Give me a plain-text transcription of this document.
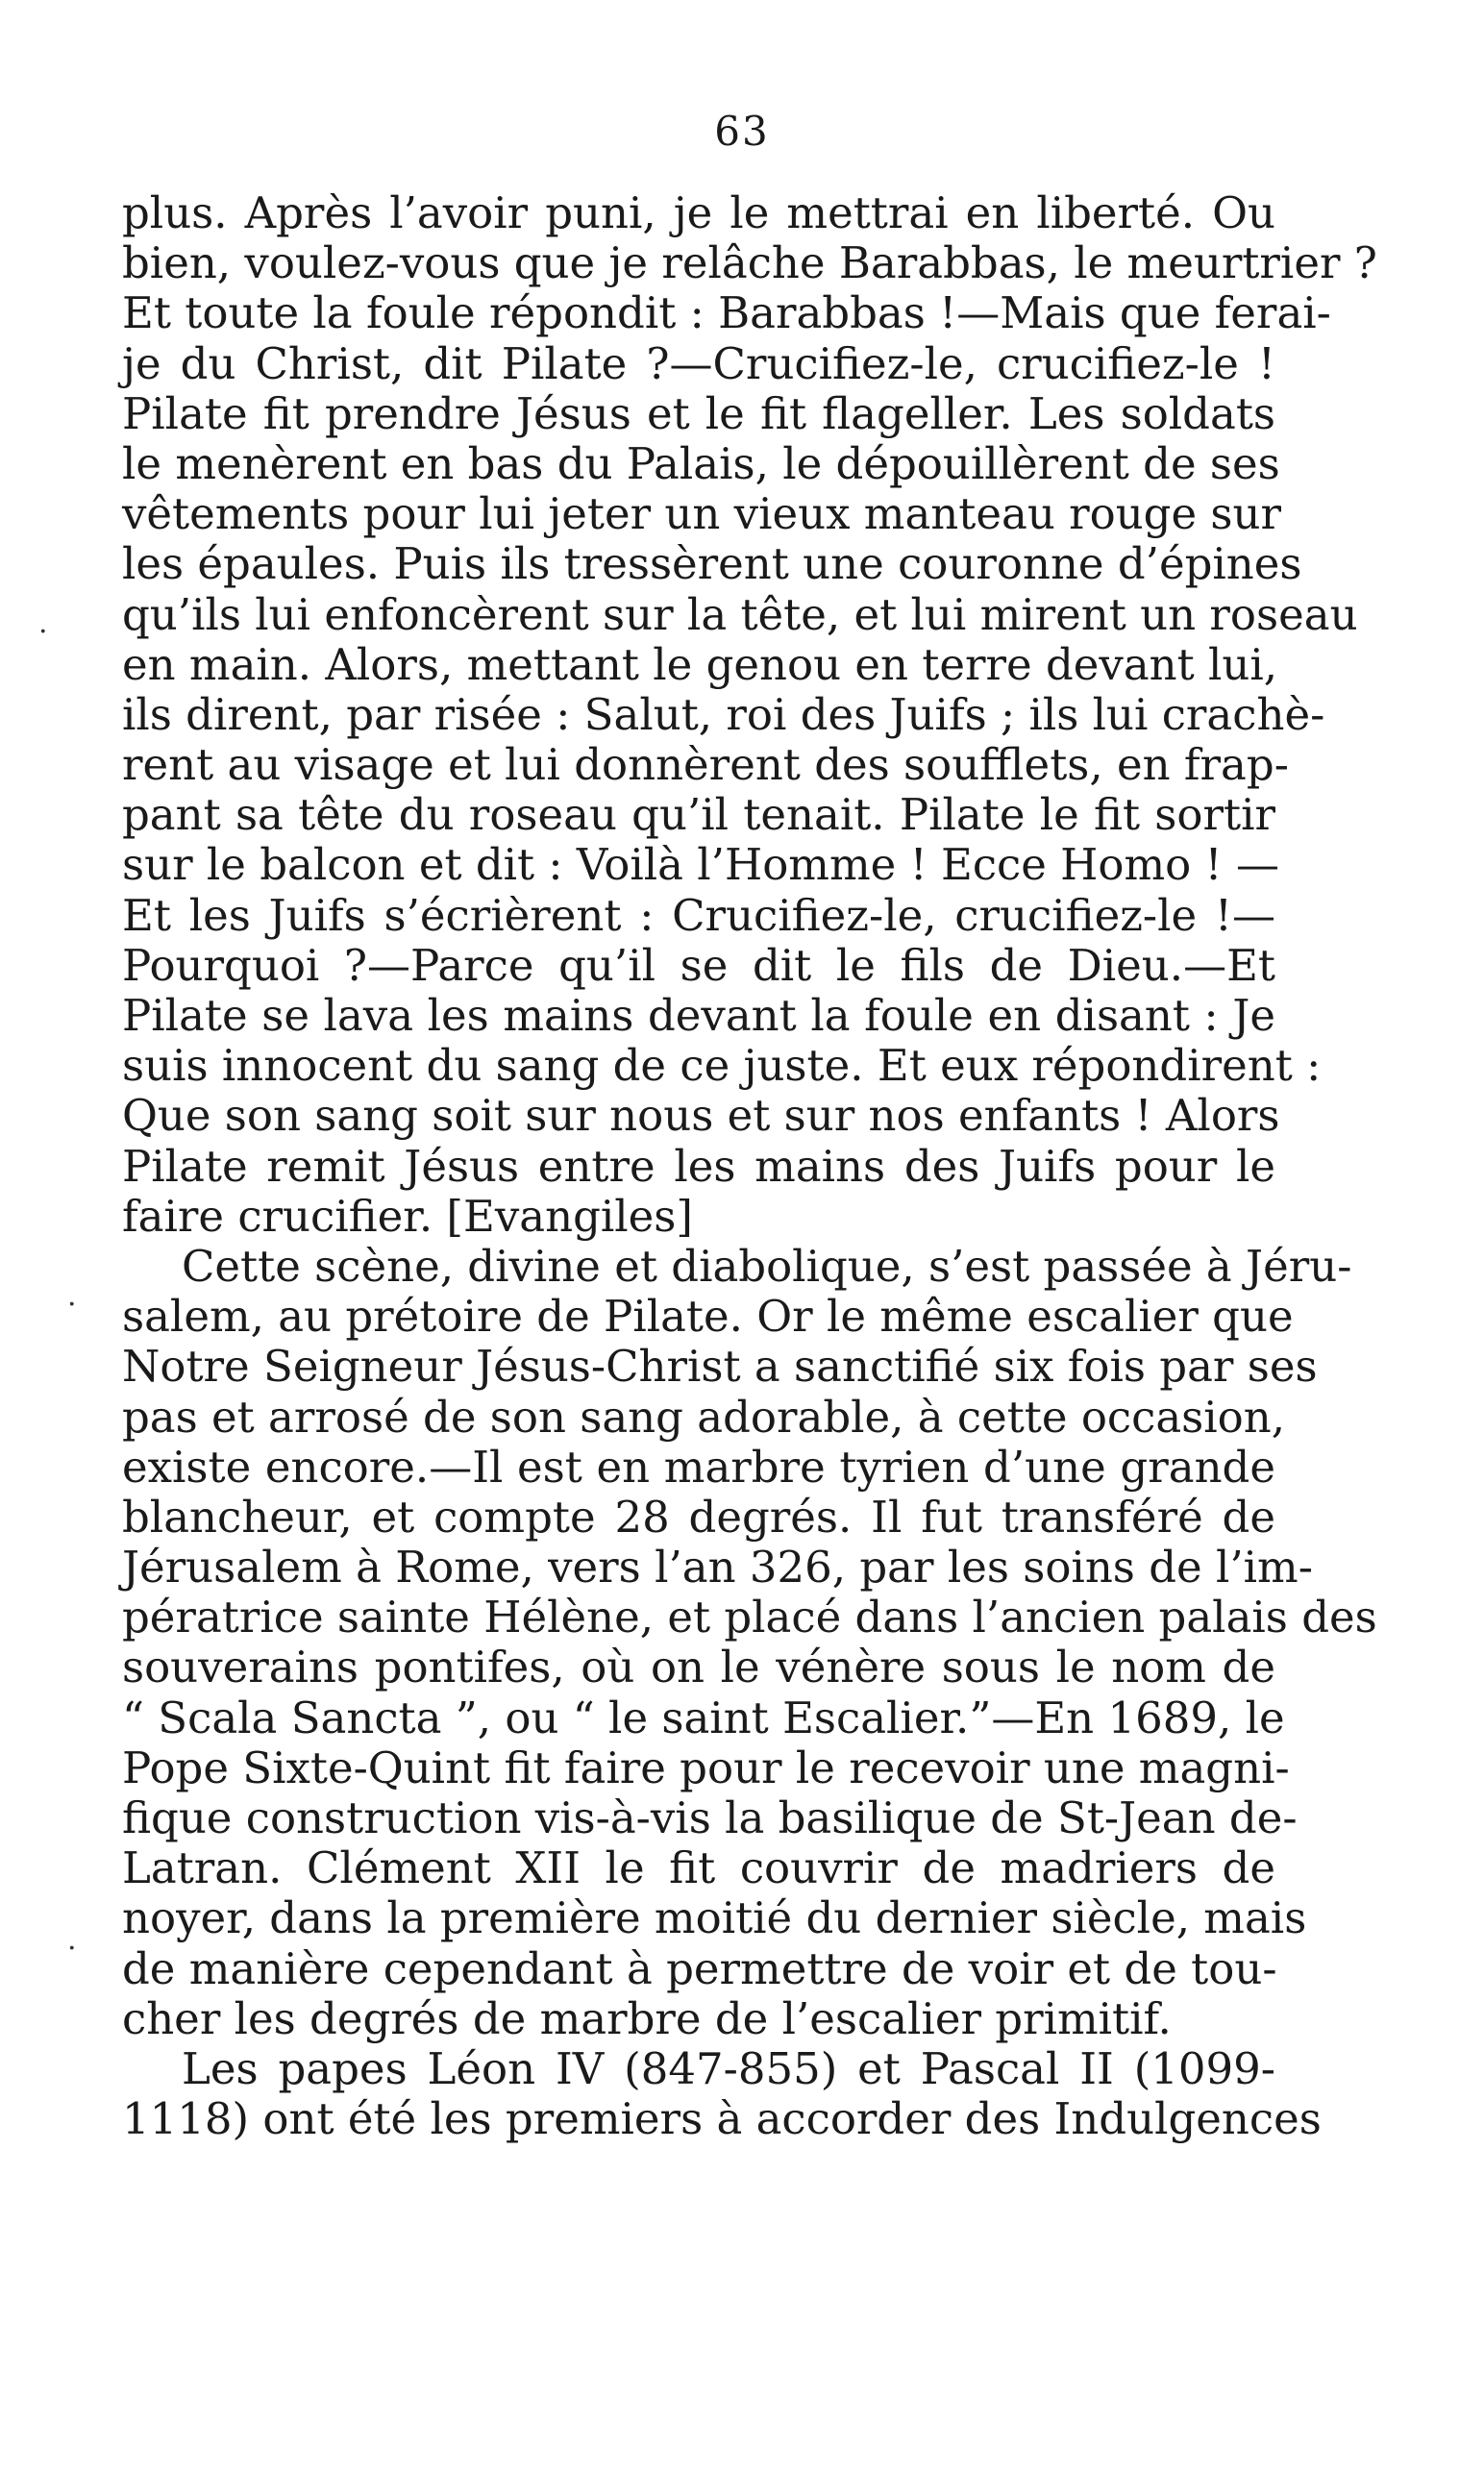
63
plus. Après l’avoir puni, je le mettrai en liberté. Ou
bien, voulez-vous que je relâche Barabbas, le meurtrier ?
Et toute la foule répondit : Barabbas !—Mais que ferai-
je du Christ, dit Pilate ?—Crucifiez-le, crucifiez-le !
Pilate fit prendre Jésus et le fit flageller. Les soldats
le menèrent en bas du Palais, le dépouillèrent de ses
vêtements pour lui jeter un vieux manteau rouge sur
les épaules. Puis ils tressèrent une couronne d’épines
qu’ils lui enfoncèrent sur la tête, et lui mirent un roseau
en main. Alors, mettant le genou en terre devant lui,
ils dirent, par risée : Salut, roi des Juifs ; ils lui crachè-
rent au visage et lui donnèrent des soufflets, en frap-
pant sa tête du roseau qu’il tenait. Pilate le fit sortir
sur le balcon et dit : Voilà l’Homme ! Ecce Homo ! —
Et les Juifs s’écrièrent : Crucifiez-le, crucifiez-le !—
Pourquoi ?—Parce qu’il se dit le fils de Dieu.—Et
Pilate se lava les mains devant la foule en disant : Je
suis innocent du sang de ce juste. Et eux répondirent :
Que son sang soit sur nous et sur nos enfants ! Alors
Pilate remit Jésus entre les mains des Juifs pour le
faire crucifier. [Evangiles]
Cette scène, divine et diabolique, s’est passée à Jéru-
salem, au prétoire de Pilate. Or le même escalier que
Notre Seigneur Jésus-Christ a sanctifié six fois par ses
pas et arrosé de son sang adorable, à cette occasion,
existe encore.—Il est en marbre tyrien d’une grande
blancheur, et compte 28 degrés. Il fut transféré de
Jérusalem à Rome, vers l’an 326, par les soins de l’im-
pératrice sainte Hélène, et placé dans l’ancien palais des
souverains pontifes, où on le vénère sous le nom de
“ Scala Sancta ”, ou “ le saint Escalier.”—En 1689, le
Pope Sixte-Quint fit faire pour le recevoir une magni-
fique construction vis-à-vis la basilique de St-Jean de-
Latran. Clément XII le fit couvrir de madriers de
noyer, dans la première moitié du dernier siècle, mais
de manière cependant à permettre de voir et de tou-
cher les degrés de marbre de l’escalier primitif.
Les papes Léon IV (847-855) et Pascal II (1099-
1118) ont été les premiers à accorder des Indulgences
·
·
·
